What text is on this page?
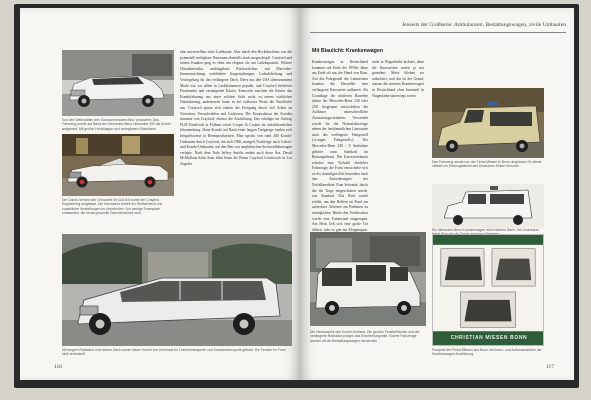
Von den Werkstätten des Karosseriebauers Binz produziert: Das Fahrzeug wurde auf Basis der Mercedes-Benz Limousine 200 als Kombi aufgebaut. Mit großer Heckklappe und umlegbaren Rücksitzen.
Die Cabrio-Version der Limousine W 114/115 wurde bei Crayford Engineering aufgebaut. Die Karosserie erhielt ein Stoffverdeck und zusätzliche Versteifungen im Unterboden. Nur wenige Exemplare entstanden, die heute gesuchte Sammlerstücke sind.
eine unverstellbar hohe Ladekante. Aber durch den Heckabschluss war die potenziell verfügbare Nutzraum ebenfalls stark ausgeschöpft. Crayford und seinen Kunden ging es eben um eleganz als um Ladekapazität. Weitere Charakteristika: umklappbare Rücksitzlehne, mit Mercedes-Inneneinrichtung verkleidete Ausgestaltungen, Ladeabdeckung und Verriegelung für das verlängerte Dach. Diese aus den USA übernommene Mode war vor allem in Großbritannien populär, und Crayford belieferte Prominente und vermögende Käufer. Einerseits machten die Käufer das Kombifahrzeug aus einer solchen Sicht nicht zu einem wirklichen Nutzfahrzeug, andererseits baute es auf exklusive Weise die Nutzfläche aus. Crayford sparte sich zudem die Fertigung durch viel Arbeit an Versionen, Versuchsteilen und Lackieren. Die Konstruktion der Kombis stammte von Crayford, ebenso die Ausführung. Das erledigte im Auftrag FLM Panelcraft in Fulham sowie Cooper & Cooper im südafrikanischen Johannesburg. Denn Kombi auf Basis einer langen Tiefgarage fanden sich beispielsweise in Rennsportkreisen. Man spricht von rund 400 Kombi-Umbauten durch Crayford, das sich 1986, mangels Nachfrage nach Cabrio- und Kombi-Umbauten, auf den Bau von amphibischen Sechsradfahrzeugen verlegte. Nach dem Tode Jeffrey Smiths endete auch diese Ära. David McMullans Sohn Sean führt heute die Firma Crayford Coachwork in Los Angeles.
Mit langem Radstand und hohem Dach wurde dieser Kombi von Universal für Leichentransporte und Krankentransporte gebaut. Die Fenster im Fond sind verdunkelt.
116
Jenseits der Großserie: Ambulanzen, Bestattungswagen, zivile Umbauten
Mit Blaulicht: Krankenwagen
Krankenwagen in Deutschland kommen seit Ende der 1950er Jahre am Ende oft aus der Hand von Binz. Auf das Fahrgestell der Limousinen konnten die Hersteller eine verlängerte Karosserie aufbauen. Als Grundlage der mittleren Baureihe diente der Mercedes-Benz 230 oder 250. Insgesamt entwickelten die Aufbauer unterschiedliche Ausstattungsvarianten. Verwendet wurde für die Notarztfahrzeuge neben der herkömmlichen Limousine auch das verlängerte Fahrgestell (»Langes Fahrgestell«). Der Mercedes-Benz 230 / 8 Ambulanz gehörte zum Standard im Rettungsdienst. Die Karosseriebauer schufen eine Vielzahl ähnlicher Fahrzeuge, die Form entwickelte sich zu der damaligen Zeit besonders nach den Anforderungen der Notfallmedizin. Eine Seitentür, durch die die Trage eingeschoben wurde, war Standard. Das Dach wurde erhöht, um den Helfern im Fond ein aufrechtes Arbeiten am Patienten zu ermöglichen. Hinter den Vordersitzen wurde eine Trennwand eingezogen. Am Heck ließ sich eine große Tür öffnen, oder es gab ein Klappenpaar.
nicht in Wagenfarbe lackiert, denn die Karosserien waren ja nur grundiert. Meist blieben sie unlackiert, und das ist der Grund, warum die meisten Krankenwagen in Deutschland ohne Innenteil in Wagenfarbe unterwegs waren.
Das Fahrzeug wurde von der Firma Miesen in Bonn umgebaut. Es diente vielfach im Rettungsdienst des Deutschen Roten Kreuzes.
Ein Mercedes-Benz Krankenwagen mit erhöhtem Dach. Der Innenraum
Die Heckansicht des Kombi-Umbaus. Die großen Fensterflächen und der verlängerte Radstand prägen das Erscheinungsbild. Solche Fahrzeuge wurden oft als Bestattungswagen verwendet.	CHRISTIAN MIESEN BONN
Prospekt der Firma Miesen aus Bonn mit Innen- und Außenansichten der Krankenwagen-Ausführung.
117
